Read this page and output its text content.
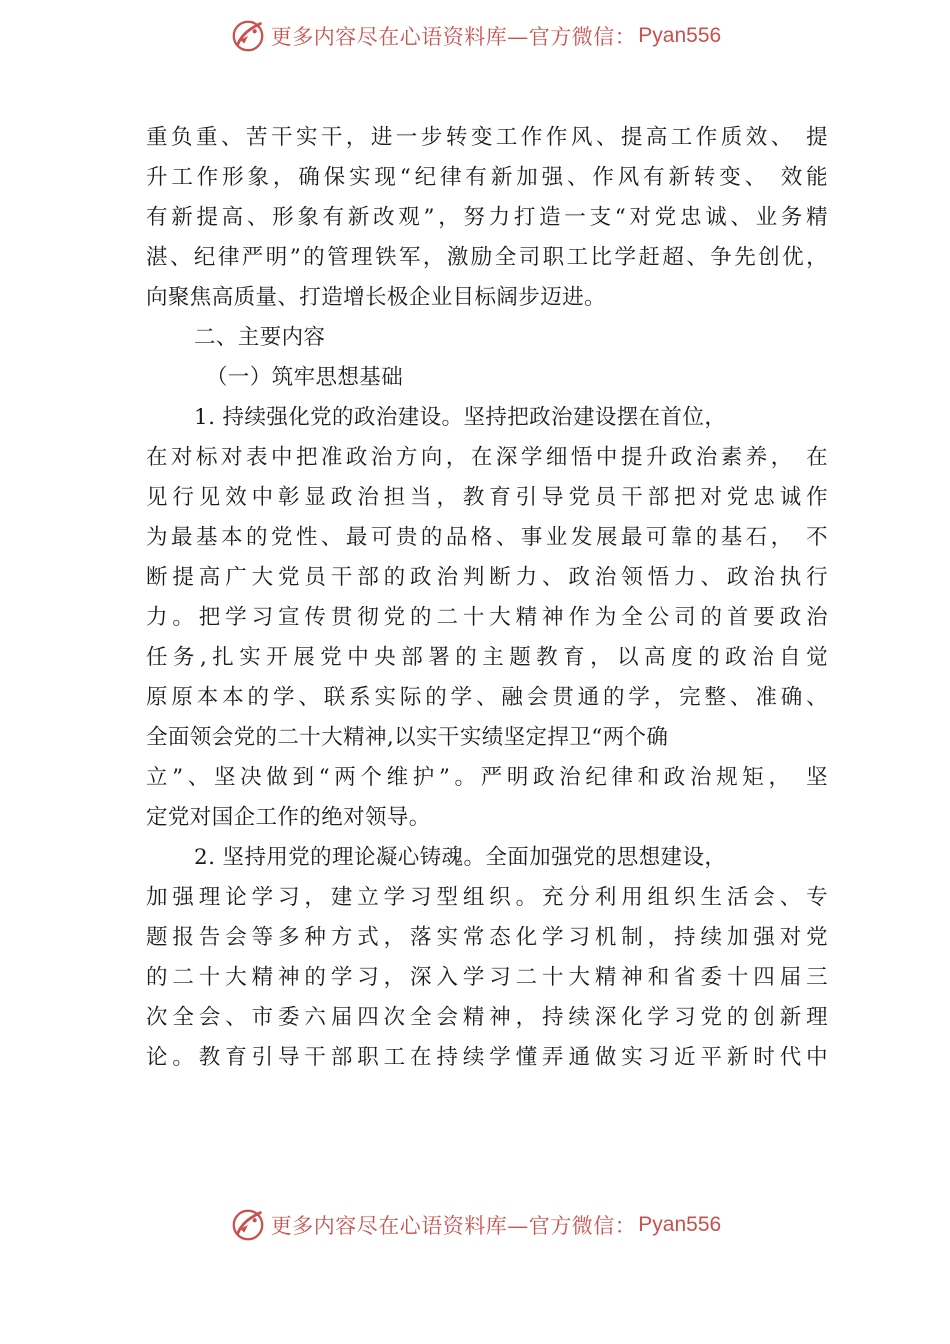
更多内容尽在心语资料库—官方微信： Pyan556
重负重、苦干实干，进一步转变工作作风、提高工作质效、 提
升工作形象，确保实现“纪律有新加强、作风有新转变、 效能
有新提高、形象有新改观”，努力打造一支“对党忠诚、业务精
湛、纪律严明”的管理铁军，激励全司职工比学赶超、争先创优，
向聚焦高质量、打造增长极企业目标阔步迈进。
二、主要内容
（一）筑牢思想基础
1. 持续强化党的政治建设。坚持把政治建设摆在首位，
在对标对表中把准政治方向，在深学细悟中提升政治素养， 在
见行见效中彰显政治担当，教育引导党员干部把对党忠诚作
为最基本的党性、最可贵的品格、事业发展最可靠的基石， 不
断提高广大党员干部的政治判断力、政治领悟力、政治执行
力。把学习宣传贯彻党的二十大精神作为全公司的首要政治
任务,扎实开展党中央部署的主题教育，以高度的政治自觉
原原本本的学、联系实际的学、融会贯通的学，完整、准确、
全面领会党的二十大精神,以实干实绩坚定捍卫“两个确
立”、坚决做到“两个维护”。严明政治纪律和政治规矩， 坚
定党对国企工作的绝对领导。
2. 坚持用党的理论凝心铸魂。全面加强党的思想建设，
加强理论学习，建立学习型组织。充分利用组织生活会、专
题报告会等多种方式，落实常态化学习机制，持续加强对党
的二十大精神的学习，深入学习二十大精神和省委十四届三
次全会、市委六届四次全会精神，持续深化学习党的创新理
论。教育引导干部职工在持续学懂弄通做实习近平新时代中
更多内容尽在心语资料库—官方微信： Pyan556
